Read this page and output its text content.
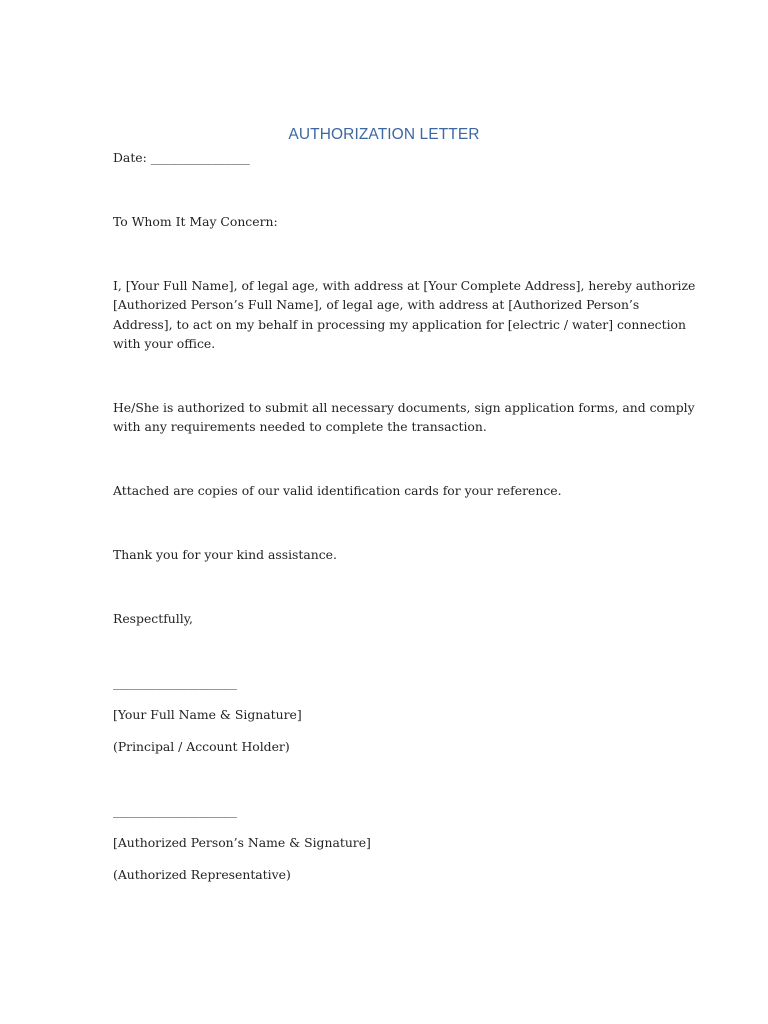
AUTHORIZATION LETTER
Date: ________________
To Whom It May Concern:
I, [Your Full Name], of legal age, with address at [Your Complete Address], hereby authorize
[Authorized Person’s Full Name], of legal age, with address at [Authorized Person’s
Address], to act on my behalf in processing my application for [electric / water] connection
with your office.
He/She is authorized to submit all necessary documents, sign application forms, and comply
with any requirements needed to complete the transaction.
Attached are copies of our valid identification cards for your reference.
Thank you for your kind assistance.
Respectfully,
____________________
[Your Full Name & Signature]
(Principal / Account Holder)
____________________
[Authorized Person’s Name & Signature]
(Authorized Representative)
